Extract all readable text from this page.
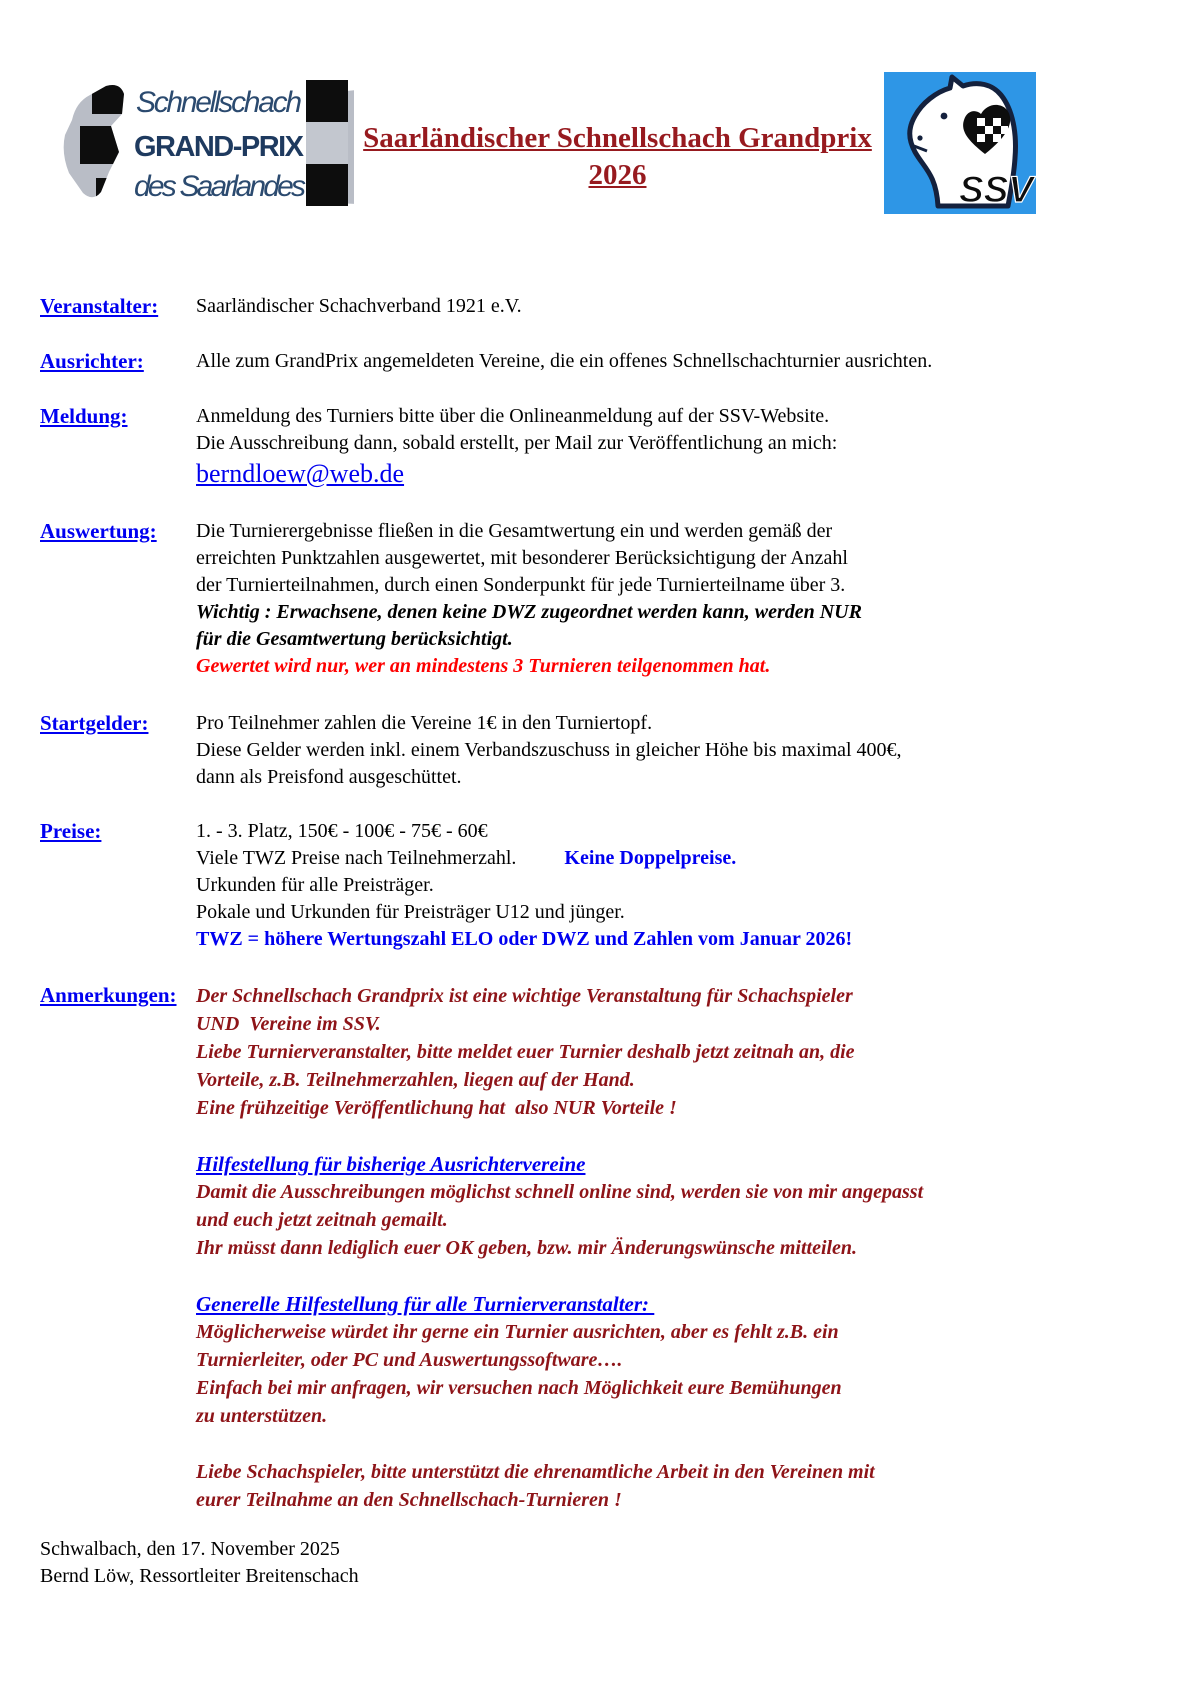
Schnellschach
GRAND-PRIX
des Saarlandes
Saarländischer Schnellschach Grandprix
2026	SSV
Veranstalter:	Saarländischer Schachverband 1921 e.V.
Ausrichter:	Alle zum GrandPrix angemeldeten Vereine, die ein offenes Schnellschachturnier ausrichten.
Meldung:	Anmeldung des Turniers bitte über die Onlineanmeldung auf der SSV-Website.
Die Ausschreibung dann, sobald erstellt, per Mail zur Veröffentlichung an mich:
berndloew@web.de
Auswertung:	Die Turnierergebnisse fließen in die Gesamtwertung ein und werden gemäß der
erreichten Punktzahlen ausgewertet, mit besonderer Berücksichtigung der Anzahl
der Turnierteilnahmen, durch einen Sonderpunkt für jede Turnierteilname über 3.
Wichtig : Erwachsene, denen keine DWZ zugeordnet werden kann, werden NUR
für die Gesamtwertung berücksichtigt.
Gewertet wird nur, wer an mindestens 3 Turnieren teilgenommen hat.
Startgelder:	Pro Teilnehmer zahlen die Vereine 1€ in den Turniertopf.
Diese Gelder werden inkl. einem Verbandszuschuss in gleicher Höhe bis maximal 400€,
dann als Preisfond ausgeschüttet.
Preise:	1. - 3. Platz, 150€ - 100€ - 75€ - 60€
Viele TWZ Preise nach Teilnehmerzahl. Keine Doppelpreise.
Urkunden für alle Preisträger.
Pokale und Urkunden für Preisträger U12 und jünger.
TWZ = höhere Wertungszahl ELO oder DWZ und Zahlen vom Januar 2026!
Anmerkungen: Der Schnellschach Grandprix ist eine wichtige Veranstaltung für Schachspieler
UND  Vereine im SSV.
Liebe Turnierveranstalter, bitte meldet euer Turnier deshalb jetzt zeitnah an, die
Vorteile, z.B. Teilnehmerzahlen, liegen auf der Hand.
Eine frühzeitige Veröffentlichung hat  also NUR Vorteile !
Hilfestellung für bisherige Ausrichtervereine
Damit die Ausschreibungen möglichst schnell online sind, werden sie von mir angepasst
und euch jetzt zeitnah gemailt.
Ihr müsst dann lediglich euer OK geben, bzw. mir Änderungswünsche mitteilen.
Generelle Hilfestellung für alle Turnierveranstalter:
Möglicherweise würdet ihr gerne ein Turnier ausrichten, aber es fehlt z.B. ein
Turnierleiter, oder PC und Auswertungssoftware….
Einfach bei mir anfragen, wir versuchen nach Möglichkeit eure Bemühungen
zu unterstützen.
Liebe Schachspieler, bitte unterstützt die ehrenamtliche Arbeit in den Vereinen mit
eurer Teilnahme an den Schnellschach-Turnieren !
Schwalbach, den 17. November 2025
Bernd Löw, Ressortleiter Breitenschach
